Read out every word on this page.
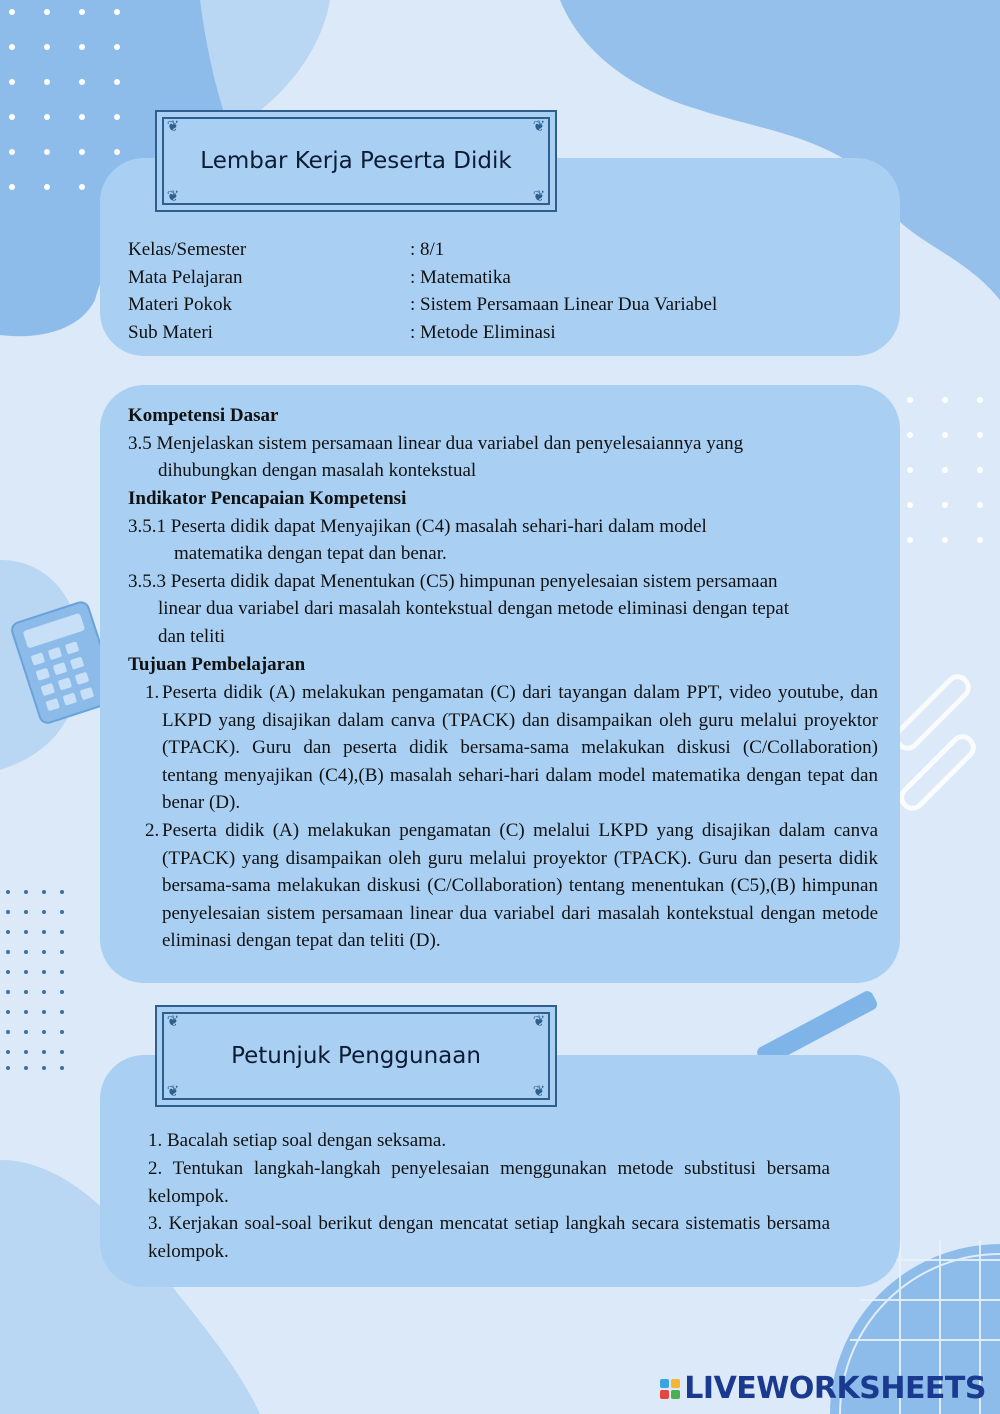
❦	❦
❦	❦
Lembar Kerja Peserta Didik
Kelas/Semester	: 8/1
Mata Pelajaran	: Matematika
Materi Pokok	: Sistem Persamaan Linear Dua Variabel
Sub Materi	: Metode Eliminasi
Kompetensi Dasar
3.5 Menjelaskan sistem persamaan linear dua variabel dan penyelesaiannya yang
dihubungkan dengan masalah kontekstual
Indikator Pencapaian Kompetensi
3.5.1 Peserta didik dapat Menyajikan (C4) masalah sehari-hari dalam model
matematika dengan tepat dan benar.
3.5.3 Peserta didik dapat Menentukan (C5) himpunan penyelesaian sistem persamaan
linear dua variabel dari masalah kontekstual dengan metode eliminasi dengan tepat
dan teliti
Tujuan Pembelajaran
1. Peserta didik (A) melakukan pengamatan (C) dari tayangan dalam PPT, video youtube, dan LKPD yang disajikan dalam canva (TPACK) dan disampaikan oleh guru melalui proyektor (TPACK). Guru dan peserta didik bersama-sama melakukan diskusi (C/Collaboration) tentang menyajikan (C4),(B) masalah sehari-hari dalam model matematika dengan tepat dan benar (D).
2. Peserta didik (A) melakukan pengamatan (C) melalui LKPD yang disajikan dalam canva (TPACK) yang disampaikan oleh guru melalui proyektor (TPACK). Guru dan peserta didik bersama-sama melakukan diskusi (C/Collaboration) tentang menentukan (C5),(B) himpunan penyelesaian sistem persamaan linear dua variabel dari masalah kontekstual dengan metode eliminasi dengan tepat dan teliti (D).
❦	❦
❦	❦
Petunjuk Penggunaan
1. Bacalah setiap soal dengan seksama.
2. Tentukan langkah-langkah penyelesaian menggunakan metode substitusi bersama kelompok.
3. Kerjakan soal-soal berikut dengan mencatat setiap langkah secara sistematis bersama kelompok.
LIVEWORKSHEETS
